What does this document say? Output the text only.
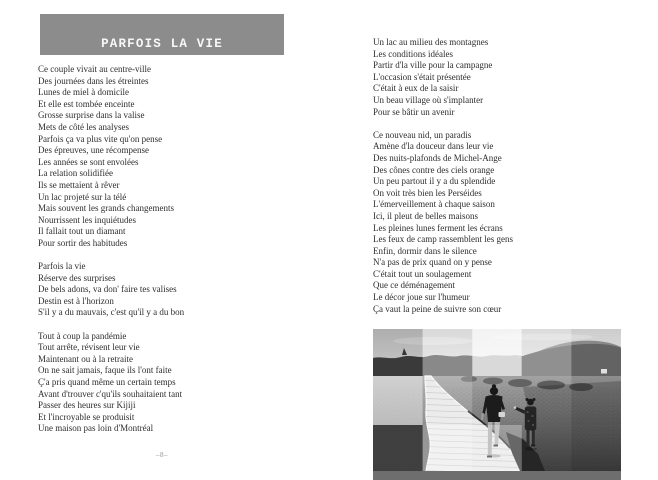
PARFOIS LA VIE
Ce couple vivait au centre-ville
Des journées dans les étreintes
Lunes de miel à domicile
Et elle est tombée enceinte
Grosse surprise dans la valise
Mets de côté les analyses
Parfois ça va plus vite qu'on pense
Des épreuves, une récompense
Les années se sont envolées
La relation solidifiée
Ils se mettaient à rêver
Un lac projeté sur la télé
Mais souvent les grands changements
Nourrissent les inquiétudes
Il fallait tout un diamant
Pour sortir des habitudes
Parfois la vie
Réserve des surprises
De bels adons, va don' faire tes valises
Destin est à l'horizon
S'il y a du mauvais, c'est qu'il y a du bon
Tout à coup la pandémie
Tout arrête, révisent leur vie
Maintenant ou à la retraite
On ne sait jamais, faque ils l'ont faite
Ç'a pris quand même un certain temps
Avant d'trouver c'qu'ils souhaitaient tant
Passer des heures sur Kijiji
Et l'incroyable se produisit
Une maison pas loin d'Montréal
–8–
Un lac au milieu des montagnes
Les conditions idéales
Partir d'la ville pour la campagne
L'occasion s'était présentée
C'était à eux de la saisir
Un beau village où s'implanter
Pour se bâtir un avenir
Ce nouveau nid, un paradis
Amène d'la douceur dans leur vie
Des nuits-plafonds de Michel-Ange
Des cônes contre des ciels orange
Un peu partout il y a du splendide
On voit très bien les Perséides
L'émerveillement à chaque saison
Ici, il pleut de belles maisons
Les pleines lunes ferment les écrans
Les feux de camp rassemblent les gens
Enfin, dormir dans le silence
N'a pas de prix quand on y pense
C'était tout un soulagement
Que ce déménagement
Le décor joue sur l'humeur
Ça vaut la peine de suivre son cœur
